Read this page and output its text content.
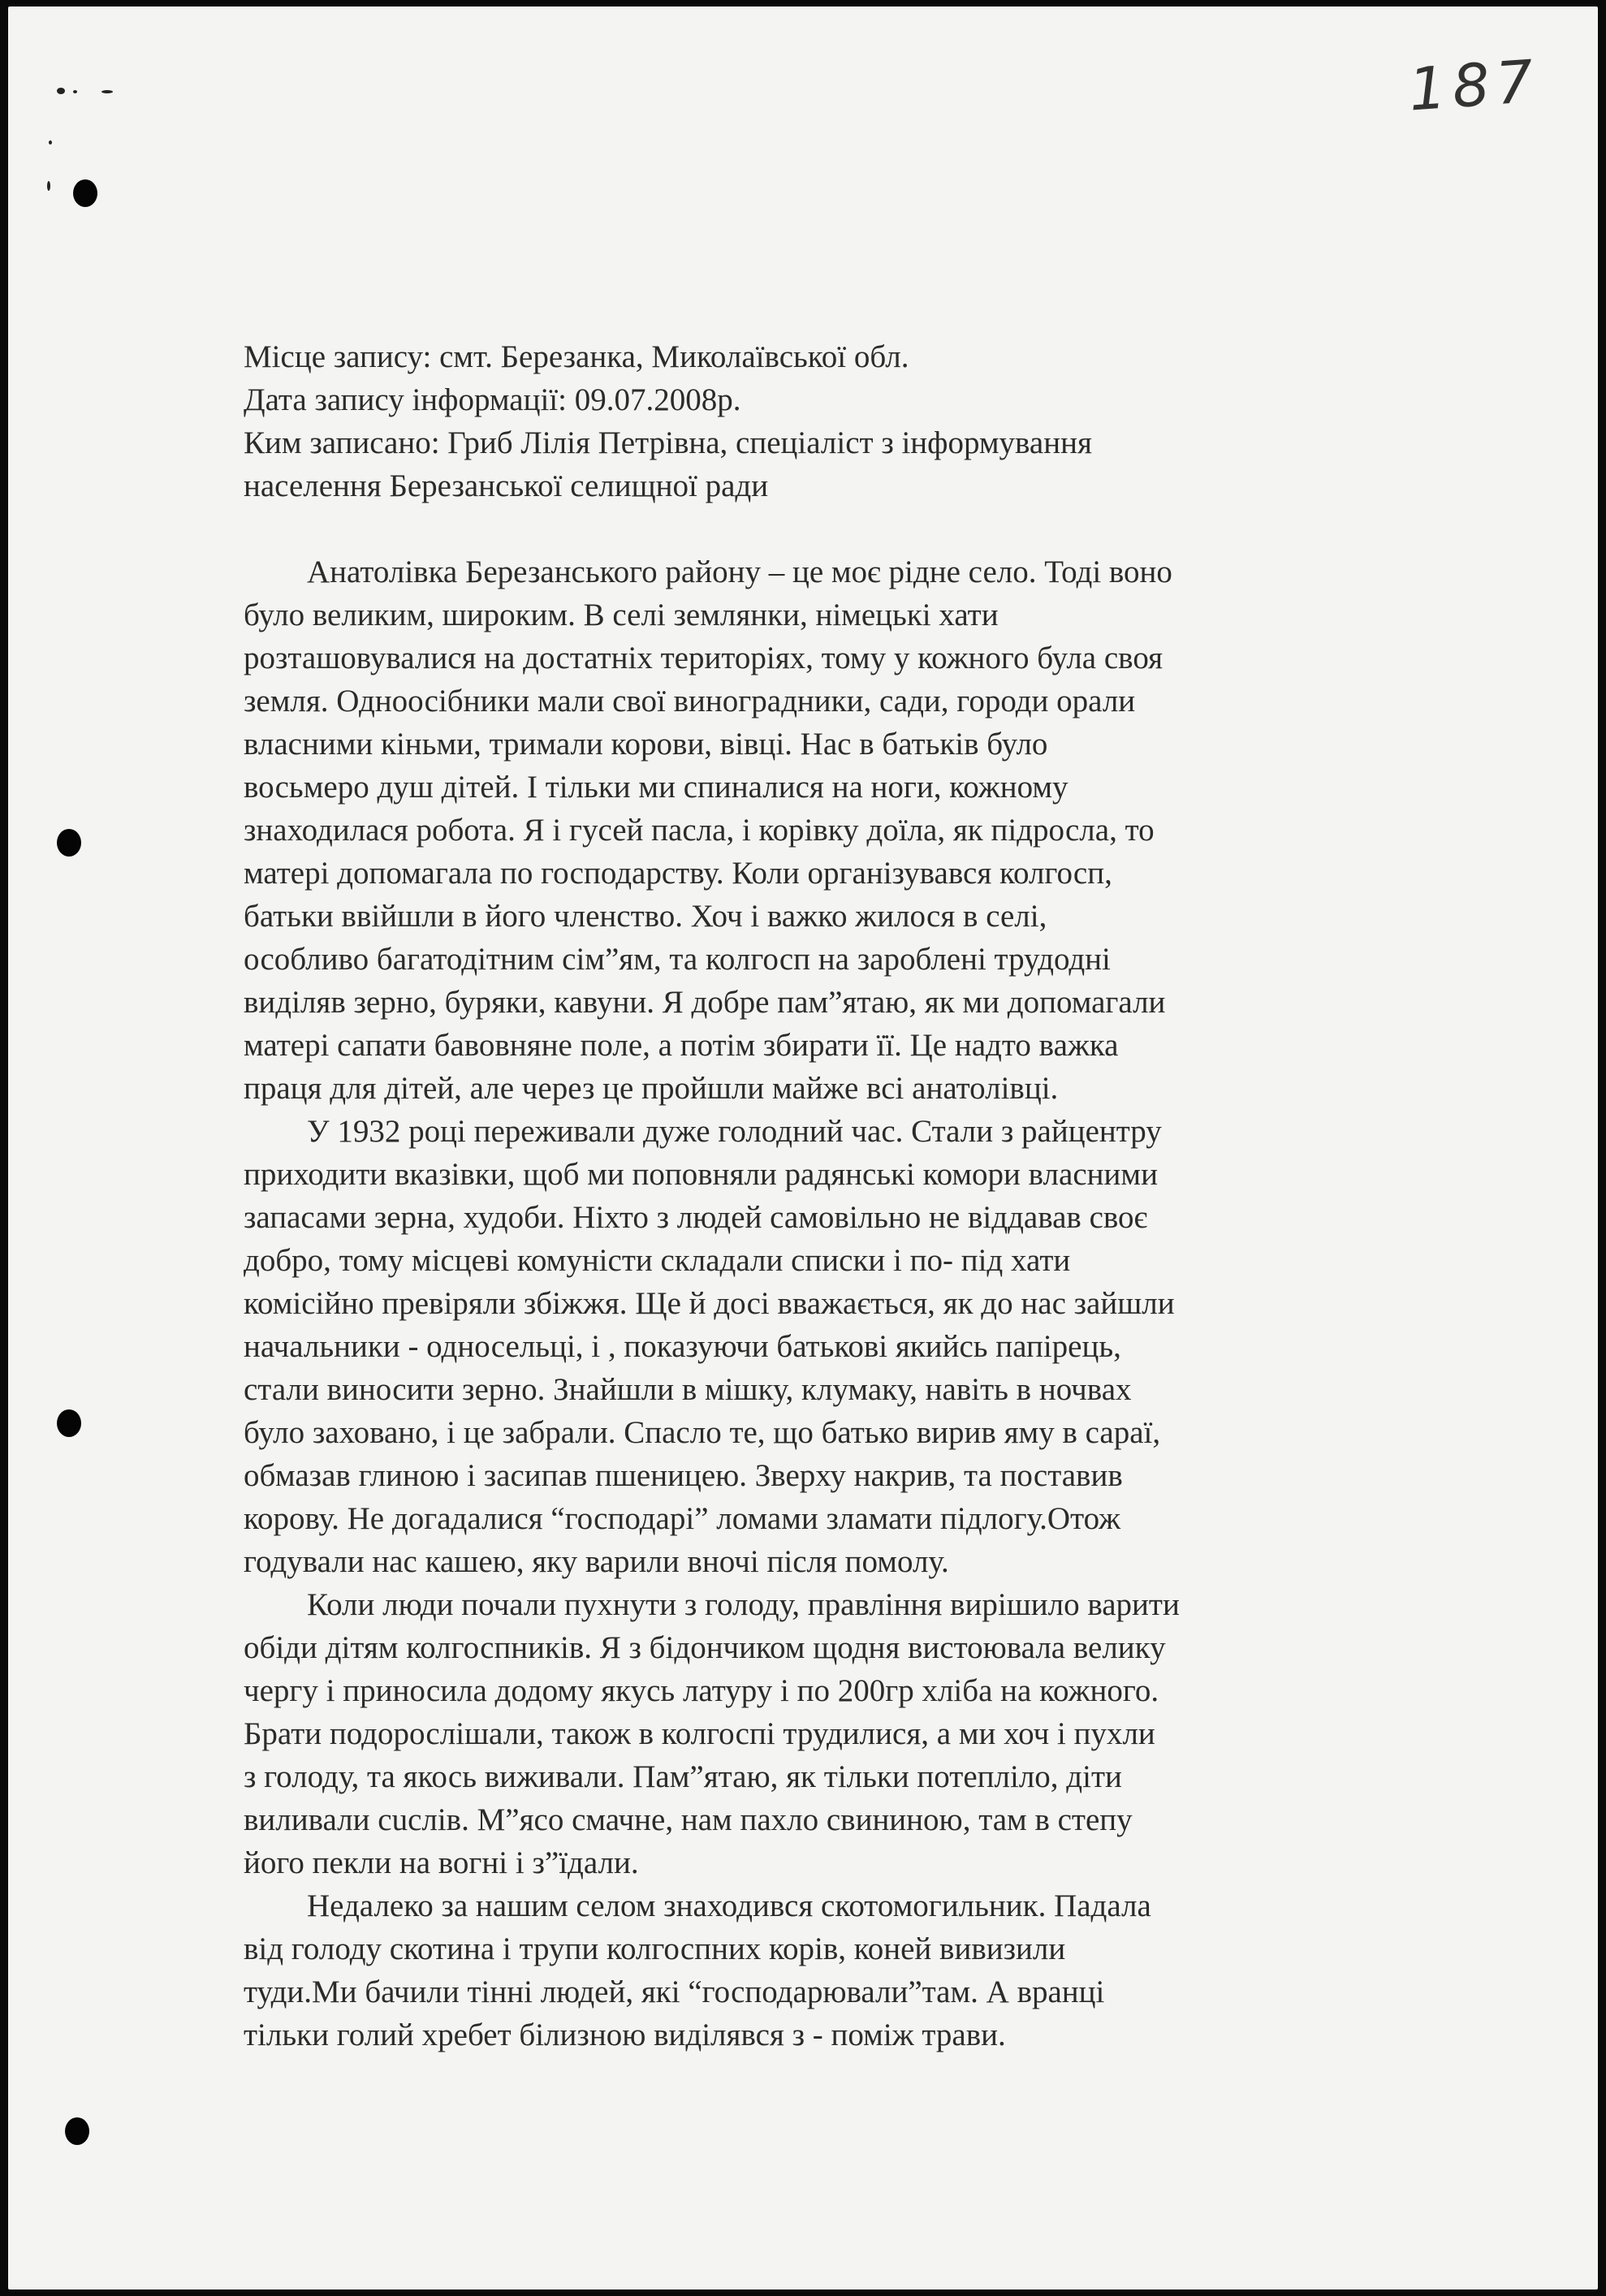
187
Місце запису: смт. Березанка, Миколаївської обл.
Дата запису інформації: 09.07.2008р.
Ким записано: Гриб Лілія Петрівна, спеціаліст з інформування
населення Березанської селищної ради

Анатолівка Березанського району – це моє рідне село. Тоді воно
було великим, широким. В селі землянки, німецькі хати
розташовувалися на достатніх територіях, тому у кожного була своя
земля. Одноосібники мали свої виноградники, сади, городи орали
власними кіньми, тримали корови, вівці. Нас в батьків було
восьмеро душ дітей. І тільки ми спиналися на ноги, кожному
знаходилася робота. Я і гусей пасла, і корівку доїла, як підросла, то
матері допомагала по господарству. Коли організувався колгосп,
батьки ввійшли в його членство. Хоч і важко жилося в селі,
особливо багатодітним сім”ям, та колгосп на зароблені трудодні
виділяв зерно, буряки, кавуни. Я добре пам”ятаю, як ми допомагали
матері сапати бавовняне поле, а потім збирати її. Це надто важка
праця для дітей, але через це пройшли майже всі анатолівці.

У 1932 році переживали дуже голодний час. Стали з райцентру
приходити вказівки, щоб ми поповняли радянські комори власними
запасами зерна, худоби. Ніхто з людей самовільно не віддавав своє
добро, тому місцеві комуністи складали списки і по- під хати
комісійно превіряли збіжжя. Ще й досі вважається, як до нас зайшли
начальники - односельці, і , показуючи батькові якийсь папірець,
стали виносити зерно. Знайшли в мішку, клумаку, навіть в ночвах
було заховано, і це забрали. Спасло те, що батько вирив яму в сараї,
обмазав глиною і засипав пшеницею. Зверху накрив, та поставив
корову. Не догадалися “господарі” ломами зламати підлогу.Отож
годували нас кашею, яку варили вночі після помолу.

Коли люди почали пухнути з голоду, правління вирішило варити
обіди дітям колгоспників. Я з бідончиком щодня вистоювала велику
чергу і приносила додому якусь латуру і по 200гр хліба на кожного.
Брати подорослішали, також в колгоспі трудилися, а ми хоч і пухли
з голоду, та якось виживали. Пам”ятаю, як тільки потепліло, діти
виливали сuслів. М”ясо смачне, нам пахло свининою, там в степу
його пекли на вогні і з”їдали.

Недалеко за нашим селом знаходився скотомогильник. Падала
від голоду скотина і трупи колгоспних корів, коней вивизили
туди.Ми бачили тінні людей, які “господарювали”там. А вранці
тільки голий хребет білизною виділявся з - поміж трави.
